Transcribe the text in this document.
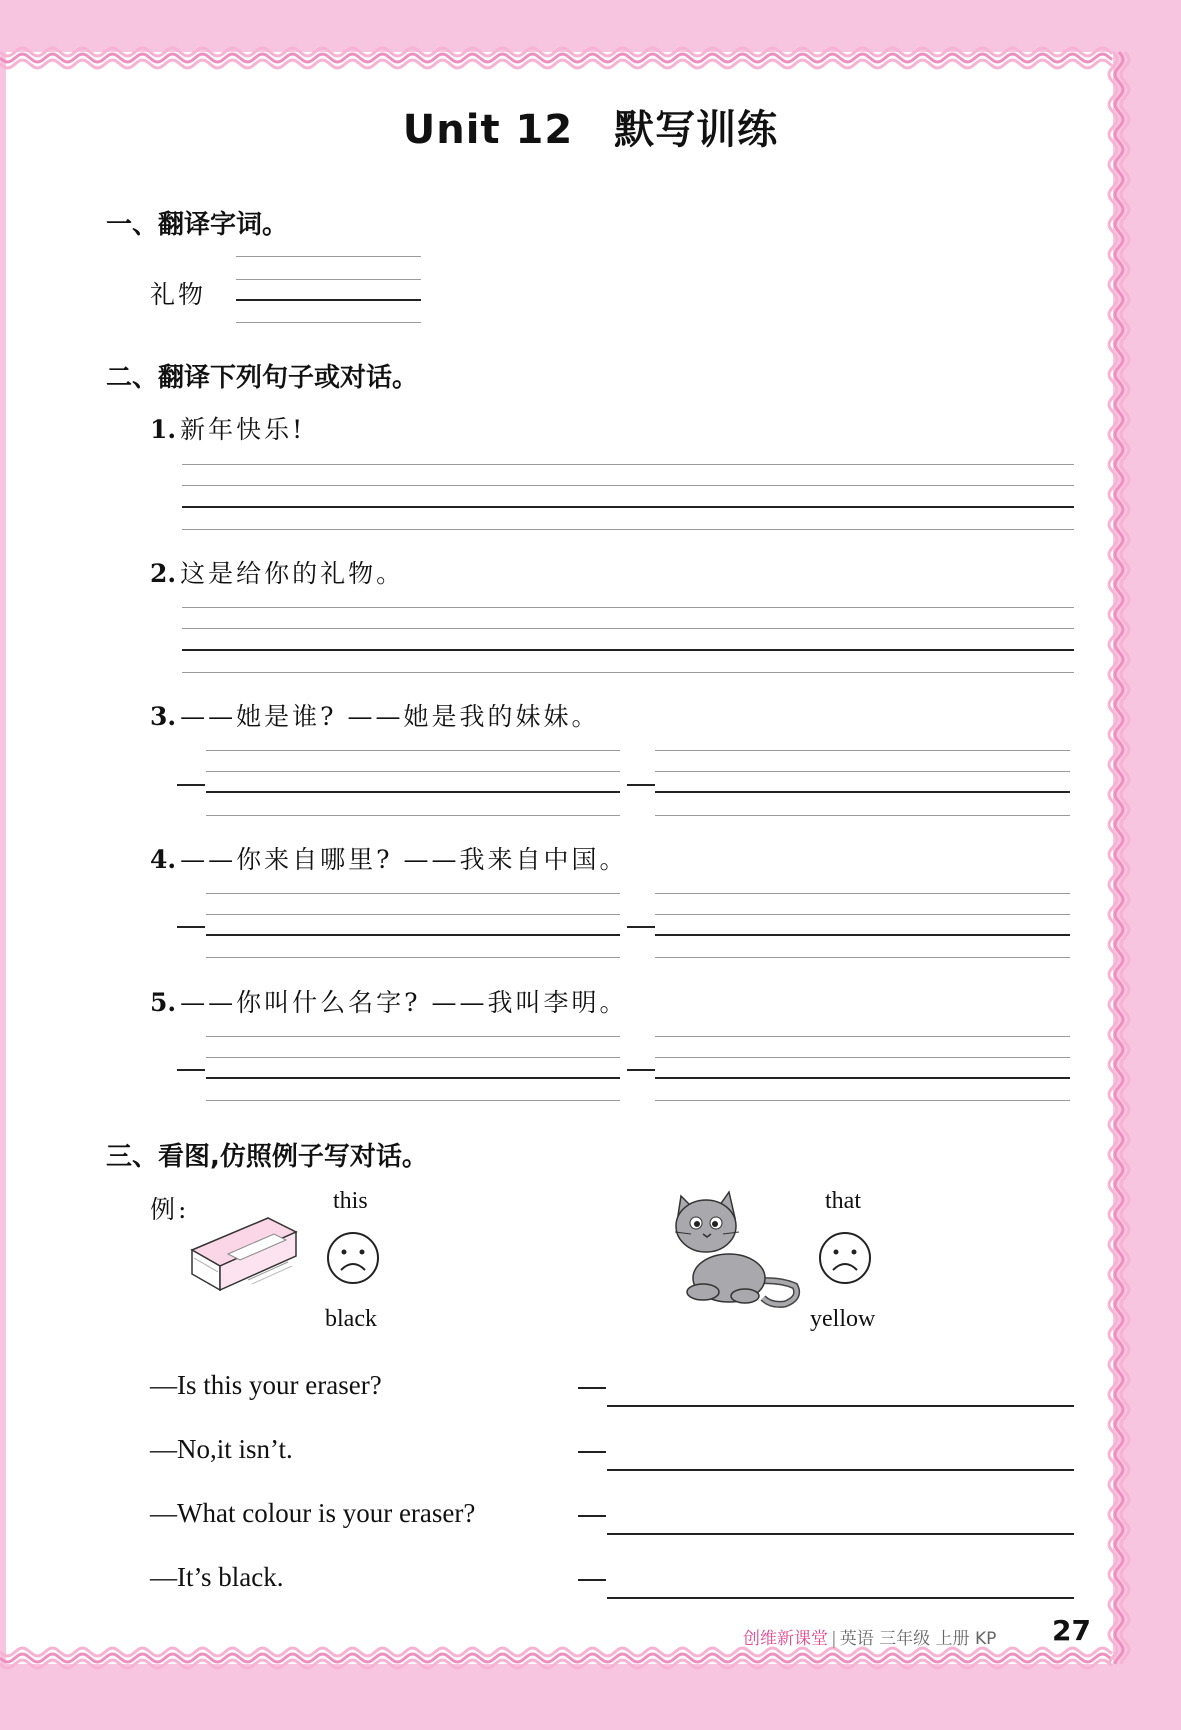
Unit 12　默写训练
一、翻译字词。
礼物
二、翻译下列句子或对话。
1. 新年快乐!
2. 这是给你的礼物。
3. ——她是谁? ——她是我的妹妹。
4. ——你来自哪里? ——我来自中国。
5. ——你叫什么名字? ——我叫李明。
三、看图,仿照例子写对话。
例:	this
black
that
yellow
—Is this your eraser?
—No,it isn’t.
—What colour is your eraser?
—It’s black.
创维新课堂 | 英语 三年级 上册 KP 27
